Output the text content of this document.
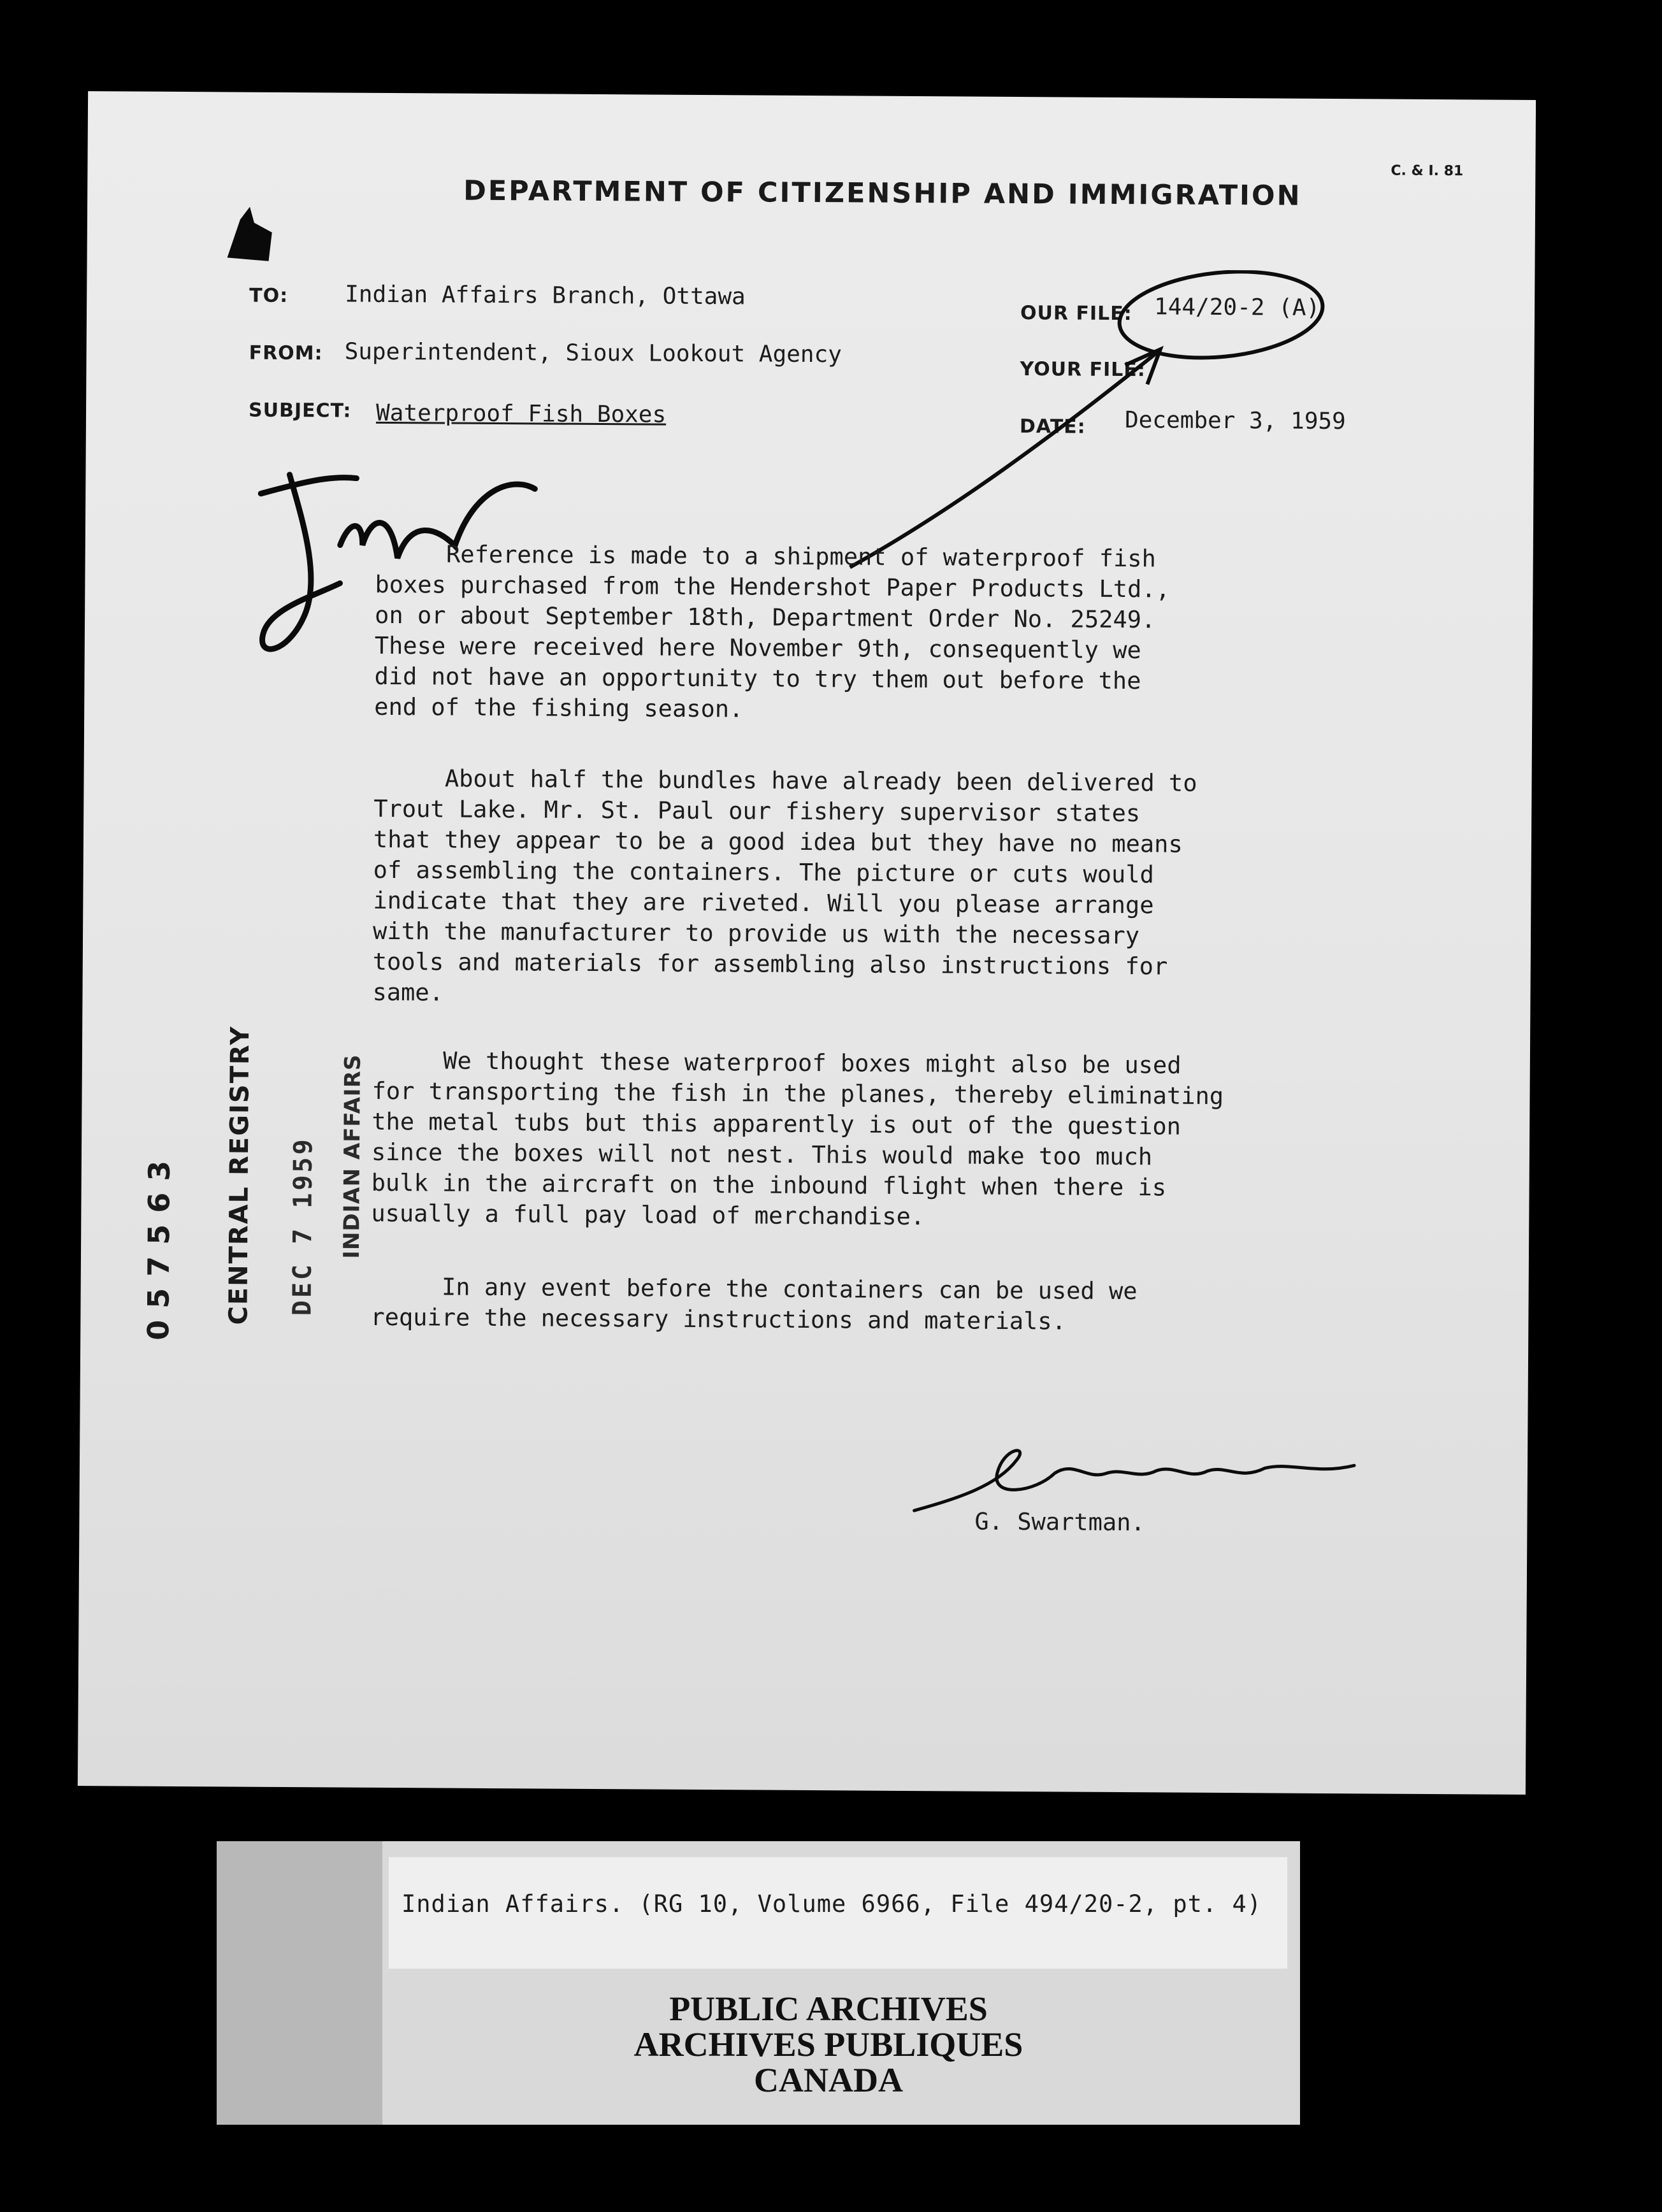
C. & I. 81
DEPARTMENT OF CITIZENSHIP AND IMMIGRATION
TO: Indian Affairs Branch, Ottawa
FROM: Superintendent, Sioux Lookout Agency
SUBJECT: Waterproof Fish Boxes
OUR FILE: 144/20-2 (A)
YOUR FILE:
DATE: December 3, 1959
Reference is made to a shipment of waterproof fish
boxes purchased from the Hendershot Paper Products Ltd.,
on or about September 18th, Department Order No. 25249.
These were received here November 9th, consequently we
did not have an opportunity to try them out before the
end of the fishing season.
About half the bundles have already been delivered to
Trout Lake. Mr. St. Paul our fishery supervisor states
that they appear to be a good idea but they have no means
of assembling the containers. The picture or cuts would
indicate that they are riveted. Will you please arrange
with the manufacturer to provide us with the necessary
tools and materials for assembling also instructions for
same.
We thought these waterproof boxes might also be used
for transporting the fish in the planes, thereby eliminating
the metal tubs but this apparently is out of the question
since the boxes will not nest. This would make too much
bulk in the aircraft on the inbound flight when there is
usually a full pay load of merchandise.
In any event before the containers can be used we
require the necessary instructions and materials.
G. Swartman.
057563 CENTRAL REGISTRY DEC 7 1959 INDIAN AFFAIRS
Indian Affairs. (RG 10, Volume 6966, File 494/20-2, pt. 4)
PUBLIC ARCHIVES
ARCHIVES PUBLIQUES
CANADA
